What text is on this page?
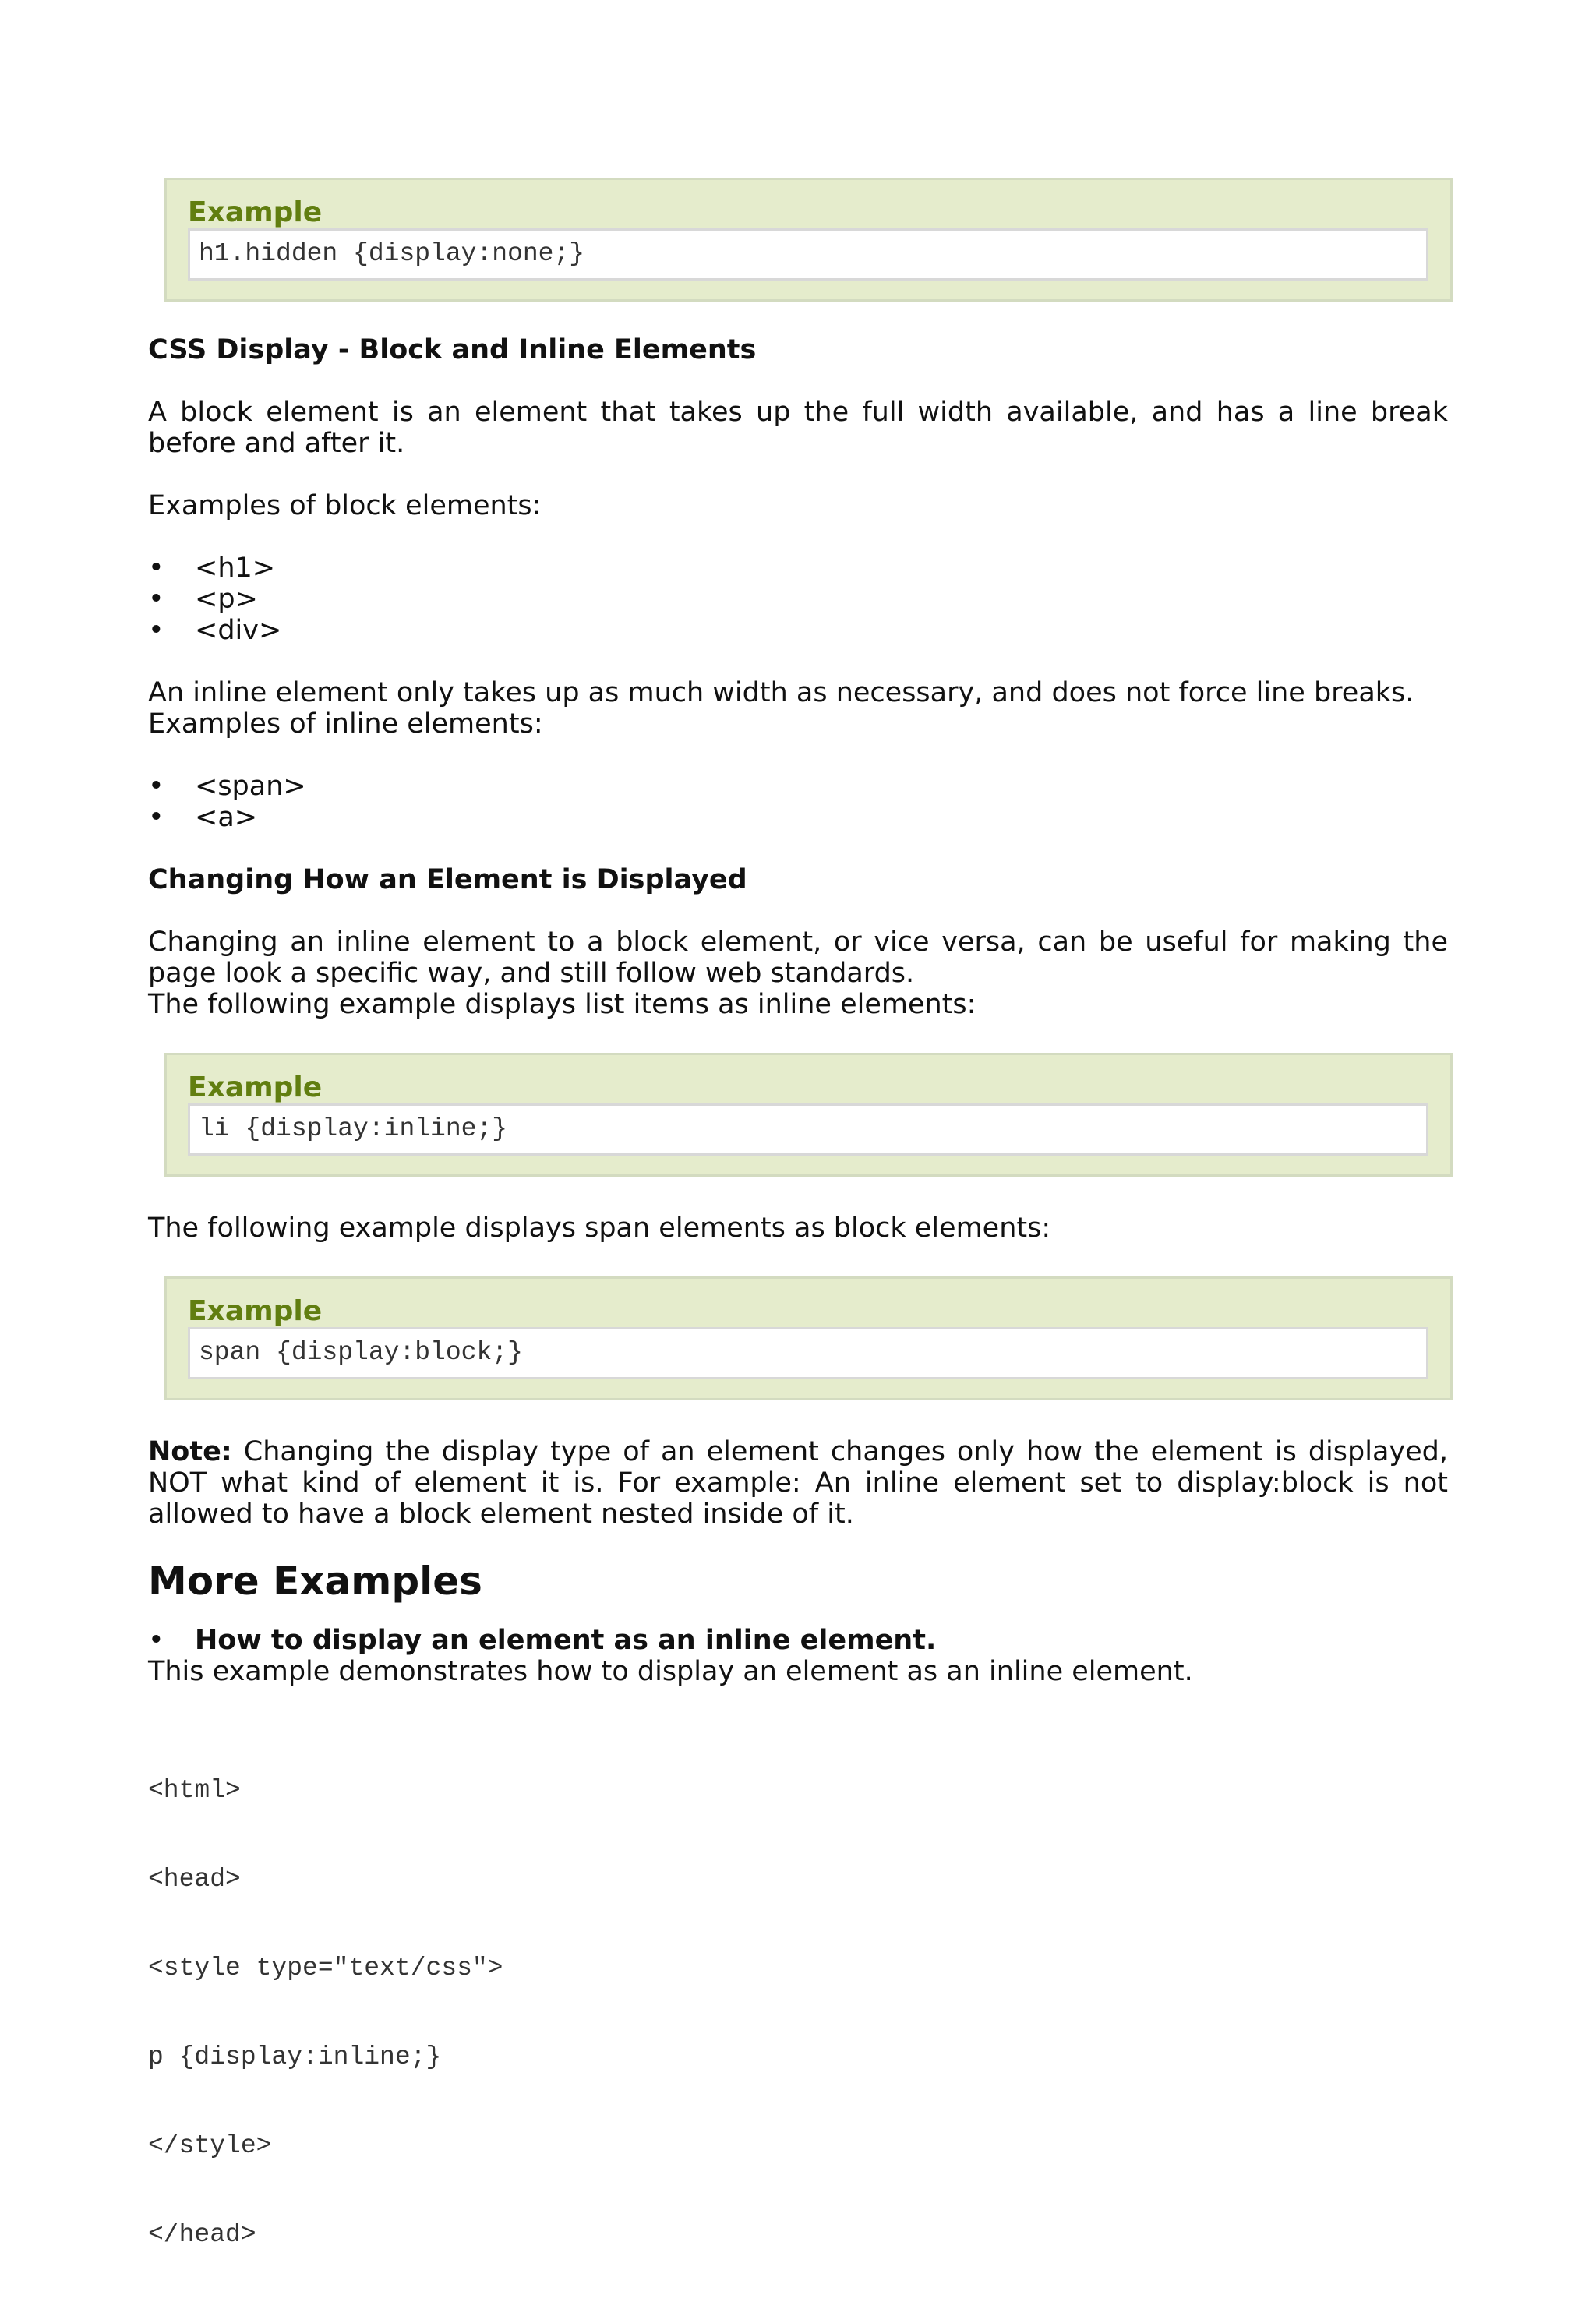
Example
h1.hidden {display:none;}
CSS Display - Block and Inline Elements

A block element is an element that takes up the full width available, and has a line break before and after it.

Examples of block elements:

• <h1>
• <p>
• <div>

An inline element only takes up as much width as necessary, and does not force line breaks.

Examples of inline elements:

• <span>
• <a>
Changing How an Element is Displayed

Changing an inline element to a block element, or vice versa, can be useful for making the page look a specific way, and still follow web standards.

The following example displays list items as inline elements:

Example
li {display:inline;}

The following example displays span elements as block elements:

Example
span {display:block;}

Note: Changing the display type of an element changes only how the element is displayed, NOT what kind of element it is. For example: An inline element set to display:block is not allowed to have a block element nested inside of it.

More Examples
• How to display an element as an inline element.

This example demonstrates how to display an element as an inline element.

<html>

<head>

<style type="text/css">

p {display:inline;}

</style>

</head>
